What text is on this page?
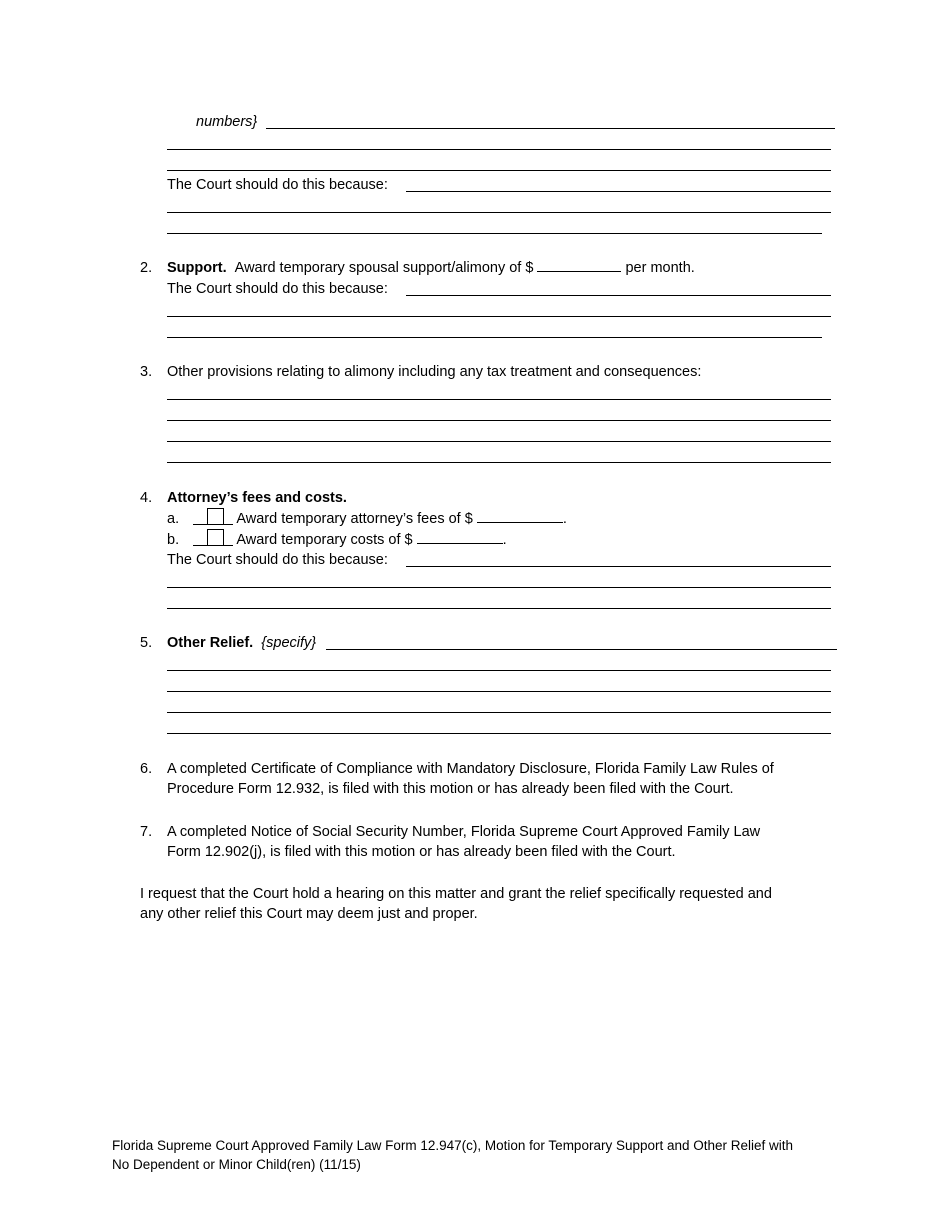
numbers}
The Court should do this because:
2. Support. Award temporary spousal support/alimony of $	per month.
The Court should do this because:
3. Other provisions relating to alimony including any tax treatment and consequences:
4. Attorney’s fees and costs.
a.	Award temporary attorney’s fees of $	.
b.	Award temporary costs of $	.
The Court should do this because:
5. Other Relief. {specify}
6. A completed Certificate of Compliance with Mandatory Disclosure, Florida Family Law Rules of
Procedure Form 12.932, is filed with this motion or has already been filed with the Court.
7. A completed Notice of Social Security Number, Florida Supreme Court Approved Family Law
Form 12.902(j), is filed with this motion or has already been filed with the Court.
I request that the Court hold a hearing on this matter and grant the relief specifically requested and
any other relief this Court may deem just and proper.
Florida Supreme Court Approved Family Law Form 12.947(c), Motion for Temporary Support and Other Relief with
No Dependent or Minor Child(ren) (11/15)
